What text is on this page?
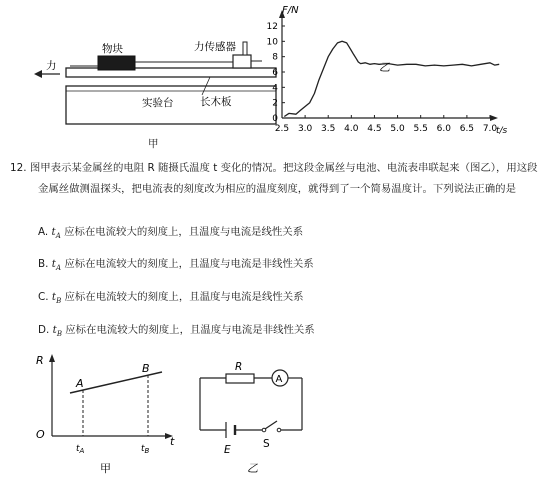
物块	力传感器
力
实验台	长木板
甲
0
2
4
6
8
10
12
2.5 3.0 3.5 4.0 4.5 5.0 5.5 6.0 6.5 7.0
F/N
t/s
乙
12. 图甲表示某金属丝的电阻 R 随摄氏温度 t 变化的情况。把这段金属丝与电池、电流表串联起来（图乙），用这段
金属丝做测温探头，把电流表的刻度改为相应的温度刻度，就得到了一个简易温度计。下列说法正确的是
A. $t_A$ 应标在电流较大的刻度上，且温度与电流是线性关系
B. $t_A$ 应标在电流较大的刻度上，且温度与电流是非线性关系
C. $t_B$ 应标在电流较大的刻度上，且温度与电流是线性关系
D. $t_B$ 应标在电流较大的刻度上，且温度与电流是非线性关系
R
t
O
A
B
$t_A$	$t_B$
甲
R
A
E	S
乙
